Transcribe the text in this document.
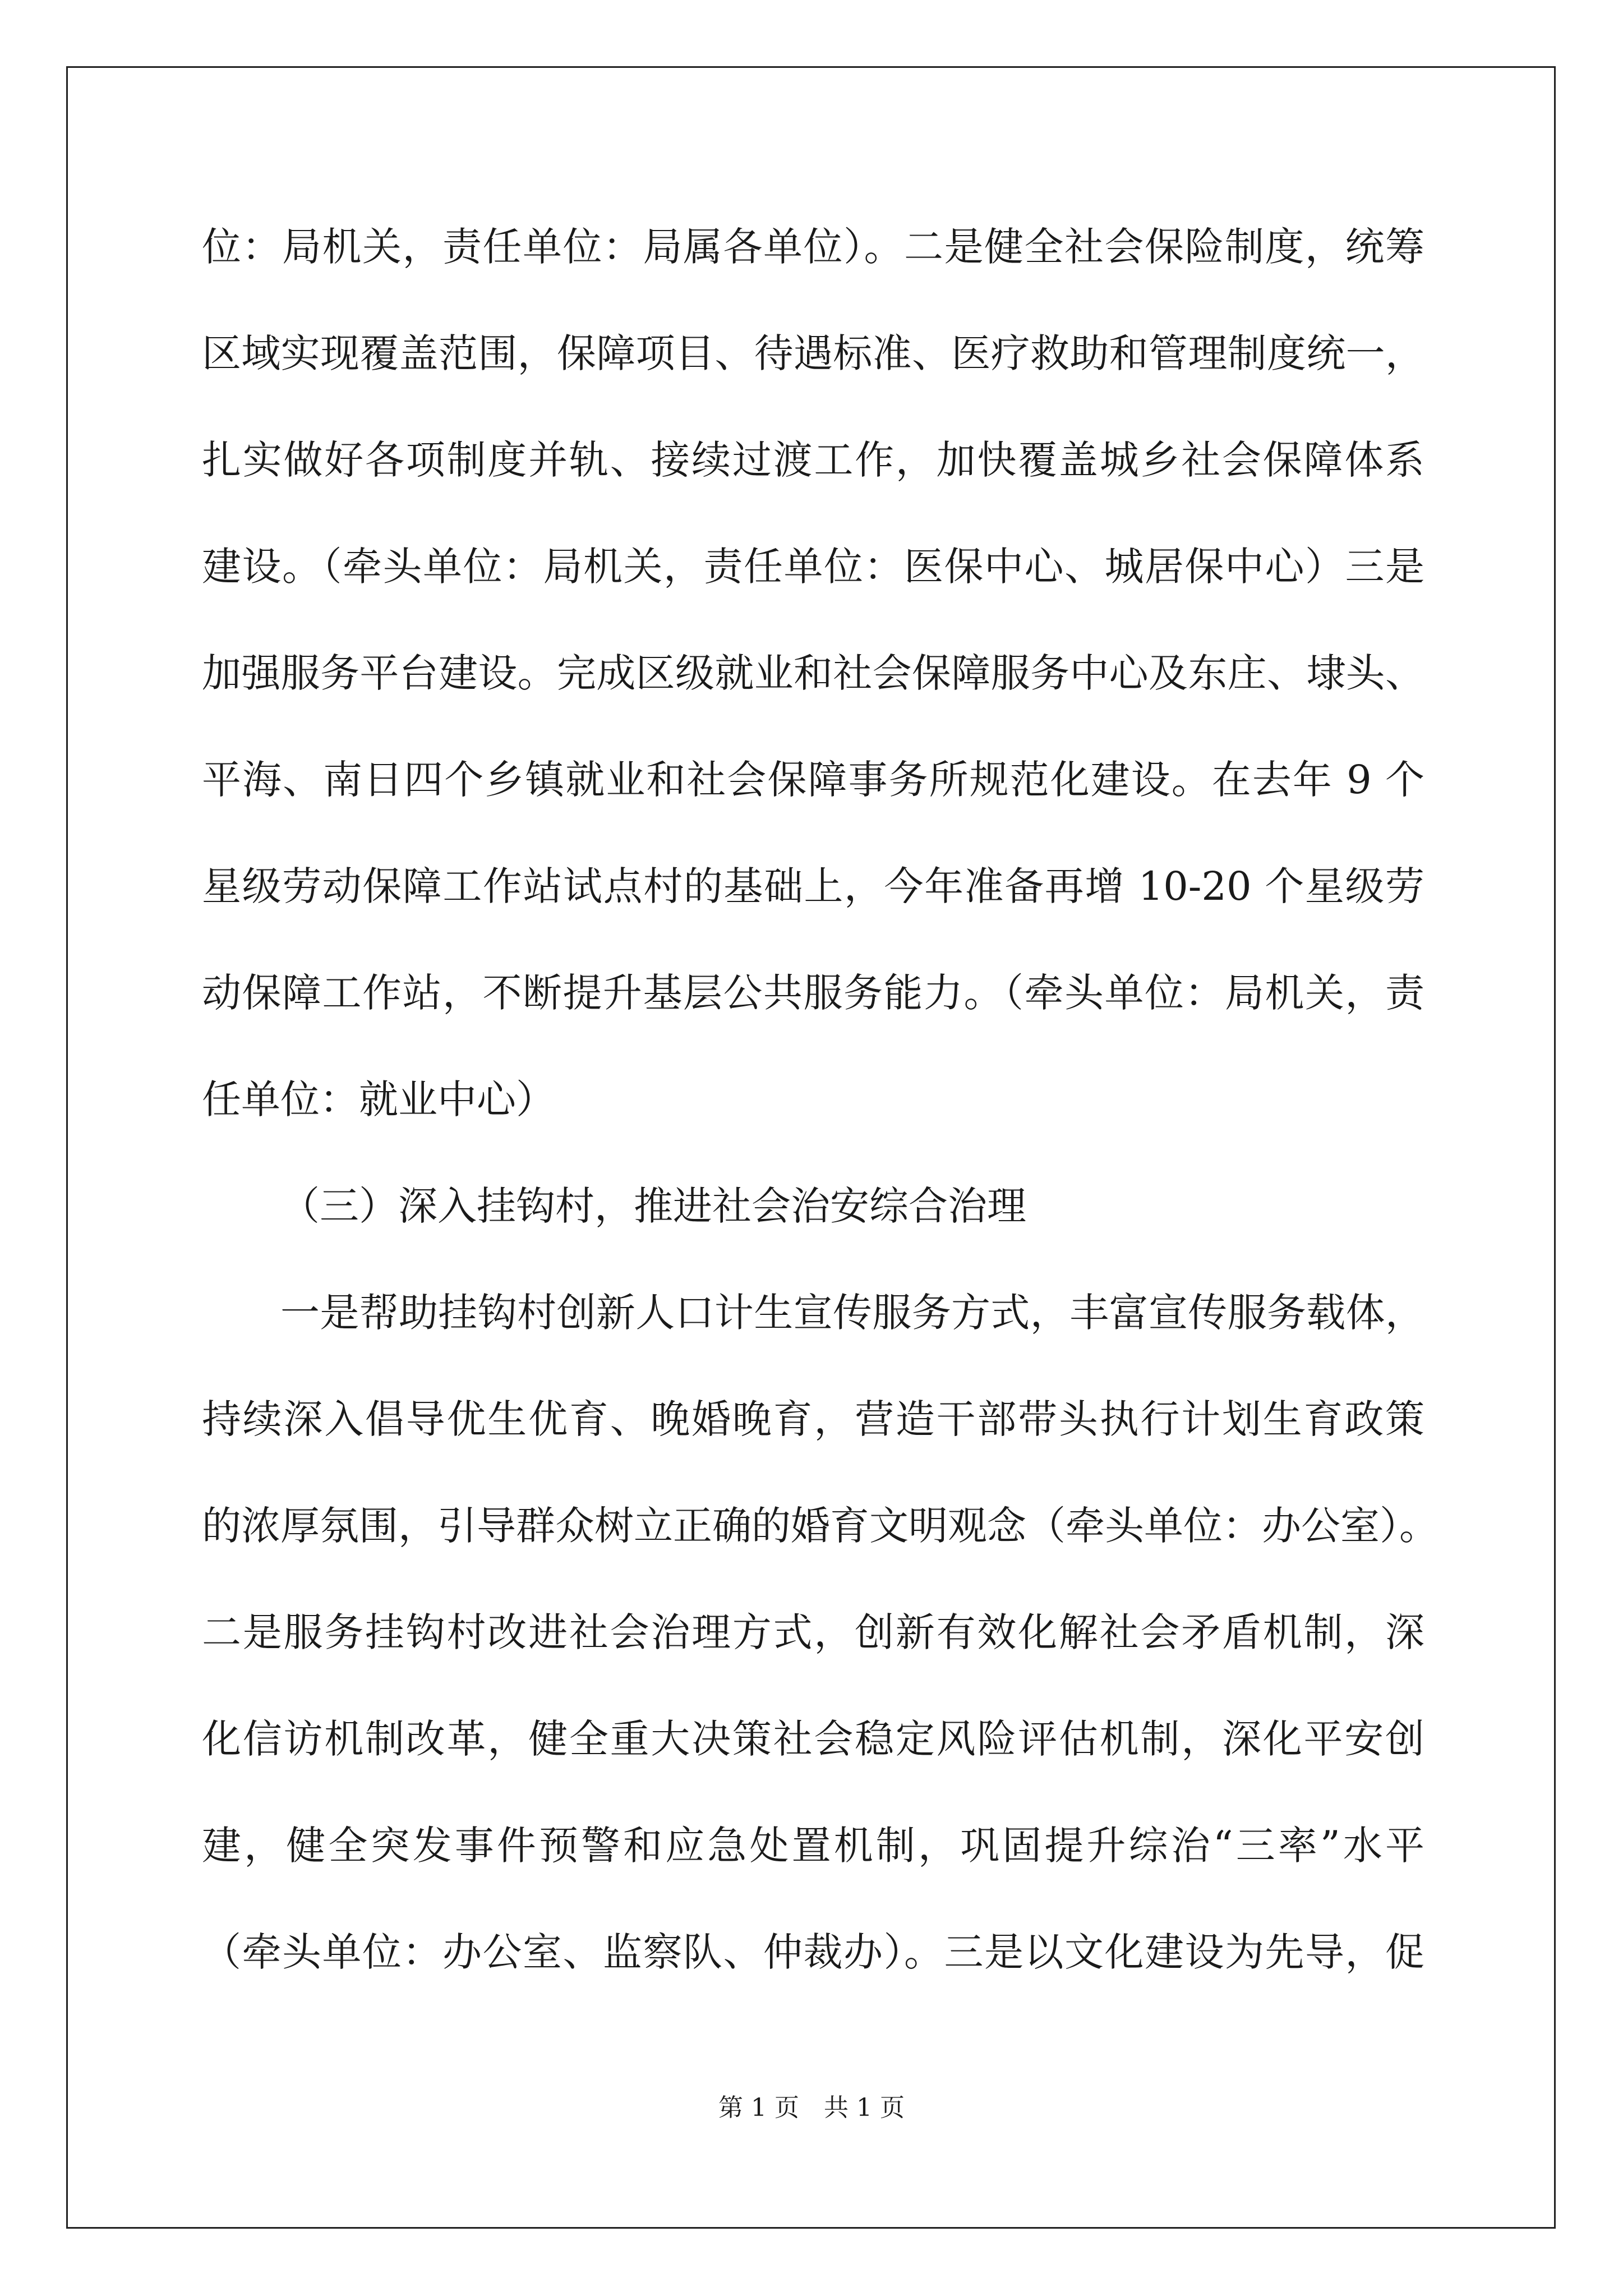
位：局机关，责任单位：局属各单位）。二是健全社会保险制度，统筹

区域实现覆盖范围，保障项目、待遇标准、医疗救助和管理制度统一，

扎实做好各项制度并轨、接续过渡工作，加快覆盖城乡社会保障体系

建设。（牵头单位：局机关，责任单位：医保中心、城居保中心）三是

加强服务平台建设。完成区级就业和社会保障服务中心及东庄、埭头、

平海、南日四个乡镇就业和社会保障事务所规范化建设。在去年 9 个

星级劳动保障工作站试点村的基础上，今年准备再增 10-20 个星级劳

动保障工作站，不断提升基层公共服务能力。（牵头单位：局机关，责

任单位：就业中心）

（三）深入挂钩村，推进社会治安综合治理

一是帮助挂钩村创新人口计生宣传服务方式，丰富宣传服务载体，

持续深入倡导优生优育、晚婚晚育，营造干部带头执行计划生育政策

的浓厚氛围，引导群众树立正确的婚育文明观念（牵头单位：办公室）。

二是服务挂钩村改进社会治理方式，创新有效化解社会矛盾机制，深

化信访机制改革，健全重大决策社会稳定风险评估机制，深化平安创

建，健全突发事件预警和应急处置机制，巩固提升综治“三率”水平

（牵头单位：办公室、监察队、仲裁办）。三是以文化建设为先导，促

第 1 页　共 1 页
